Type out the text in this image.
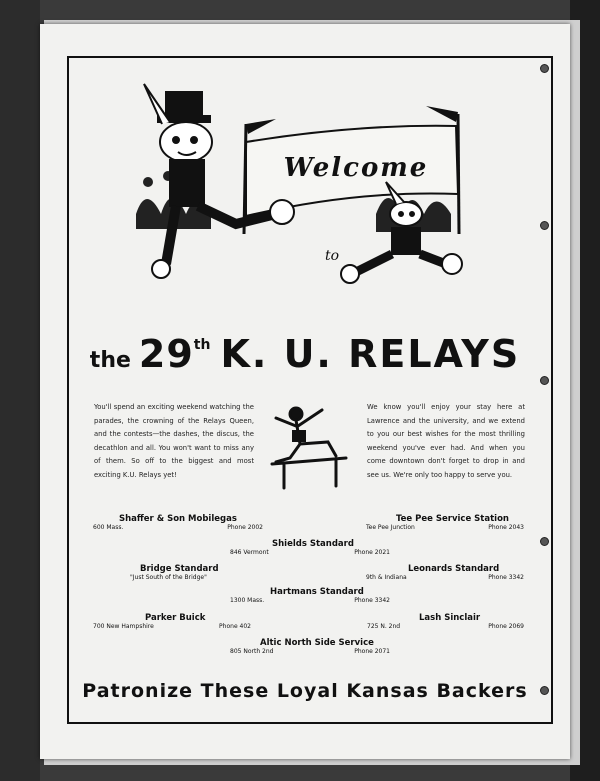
Welcome
to
the 29th K. U. RELAYS
You'll spend an exciting weekend watching the parades, the crowning of the Relays Queen, and the contests—the dashes, the discus, the decathlon and all. You won't want to miss any of them. So off to the biggest and most exciting K.U. Relays yet!
We know you'll enjoy your stay here at Lawrence and the university, and we extend to you our best wishes for the most thrilling weekend you've ever had. And when you come downtown don't forget to drop in and see us. We're only too happy to serve you.
Shaffer & Son Mobilegas
600 Mass.	Phone 2002
Tee Pee Service Station
Tee Pee Junction	Phone 2043
Shields Standard
846 Vermont	Phone 2021
Bridge Standard
"Just South of the Bridge"
Leonards Standard
9th & Indiana	Phone 3342
Hartmans Standard
1300 Mass.	Phone 3342
Parker Buick
700 New Hampshire	Phone 402
Lash Sinclair
725 N. 2nd	Phone 2069
Altic North Side Service
805 North 2nd	Phone 2071
Patronize These Loyal Kansas Backers
